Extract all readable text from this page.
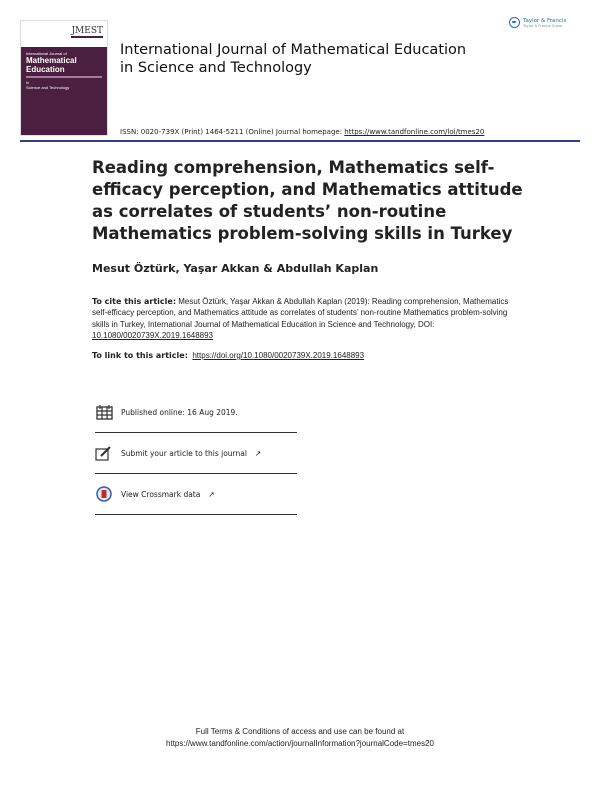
JMEST
International Journal of
Mathematical
Education
in
Science and Technology
International Journal of Mathematical Education in Science and Technology
Taylor & Francis
Taylor & Francis Group
ISSN: 0020-739X (Print) 1464-5211 (Online) Journal homepage: https://www.tandfonline.com/loi/tmes20
Reading comprehension, Mathematics self-efficacy perception, and Mathematics attitude as correlates of students’ non-routine Mathematics problem-solving skills in Turkey
Mesut Öztürk, Yaşar Akkan & Abdullah Kaplan
To cite this article: Mesut Öztürk, Yaşar Akkan & Abdullah Kaplan (2019): Reading comprehension, Mathematics self-efficacy perception, and Mathematics attitude as correlates of students’ non-routine Mathematics problem-solving skills in Turkey, International Journal of Mathematical Education in Science and Technology, DOI: 10.1080/0020739X.2019.1648893
To link to this article: https://doi.org/10.1080/0020739X.2019.1648893
Published online: 16 Aug 2019.
Submit your article to this journal ↗
View Crossmark data ↗
Full Terms & Conditions of access and use can be found at
https://www.tandfonline.com/action/journalInformation?journalCode=tmes20
